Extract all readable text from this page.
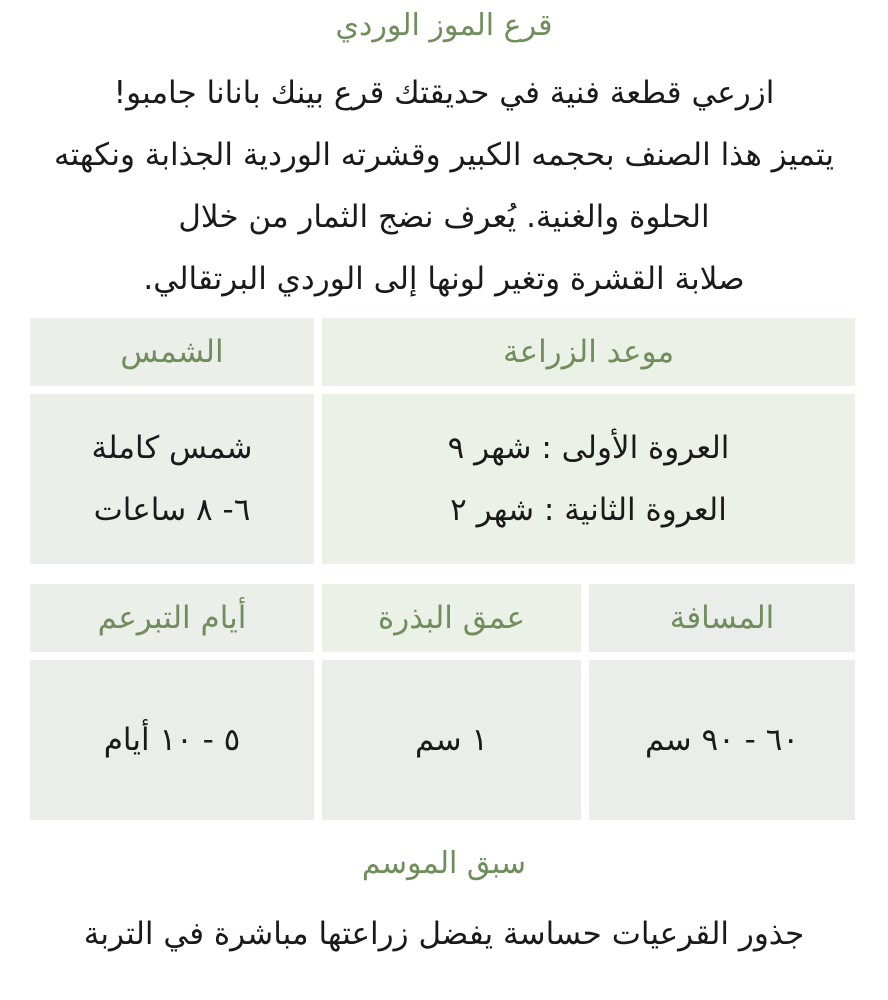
قرع الموز الوردي
ازرعي قطعة فنية في حديقتك قرع بينك بانانا جامبو!
يتميز هذا الصنف بحجمه الكبير وقشرته الوردية الجذابة ونكهته
الحلوة والغنية. يُعرف نضج الثمار من خلال
صلابة القشرة وتغير لونها إلى الوردي البرتقالي.
موعد الزراعة
الشمس
العروة الأولى : شهر ٩
العروة الثانية : شهر ٢
شمس كاملة
٦- ٨ ساعات
المسافة
عمق البذرة
أيام التبرعم
٦٠ - ٩٠ سم
١ سم
٥ - ١٠ أيام
سبق الموسم
جذور القرعيات حساسة يفضل زراعتها مباشرة في التربة
